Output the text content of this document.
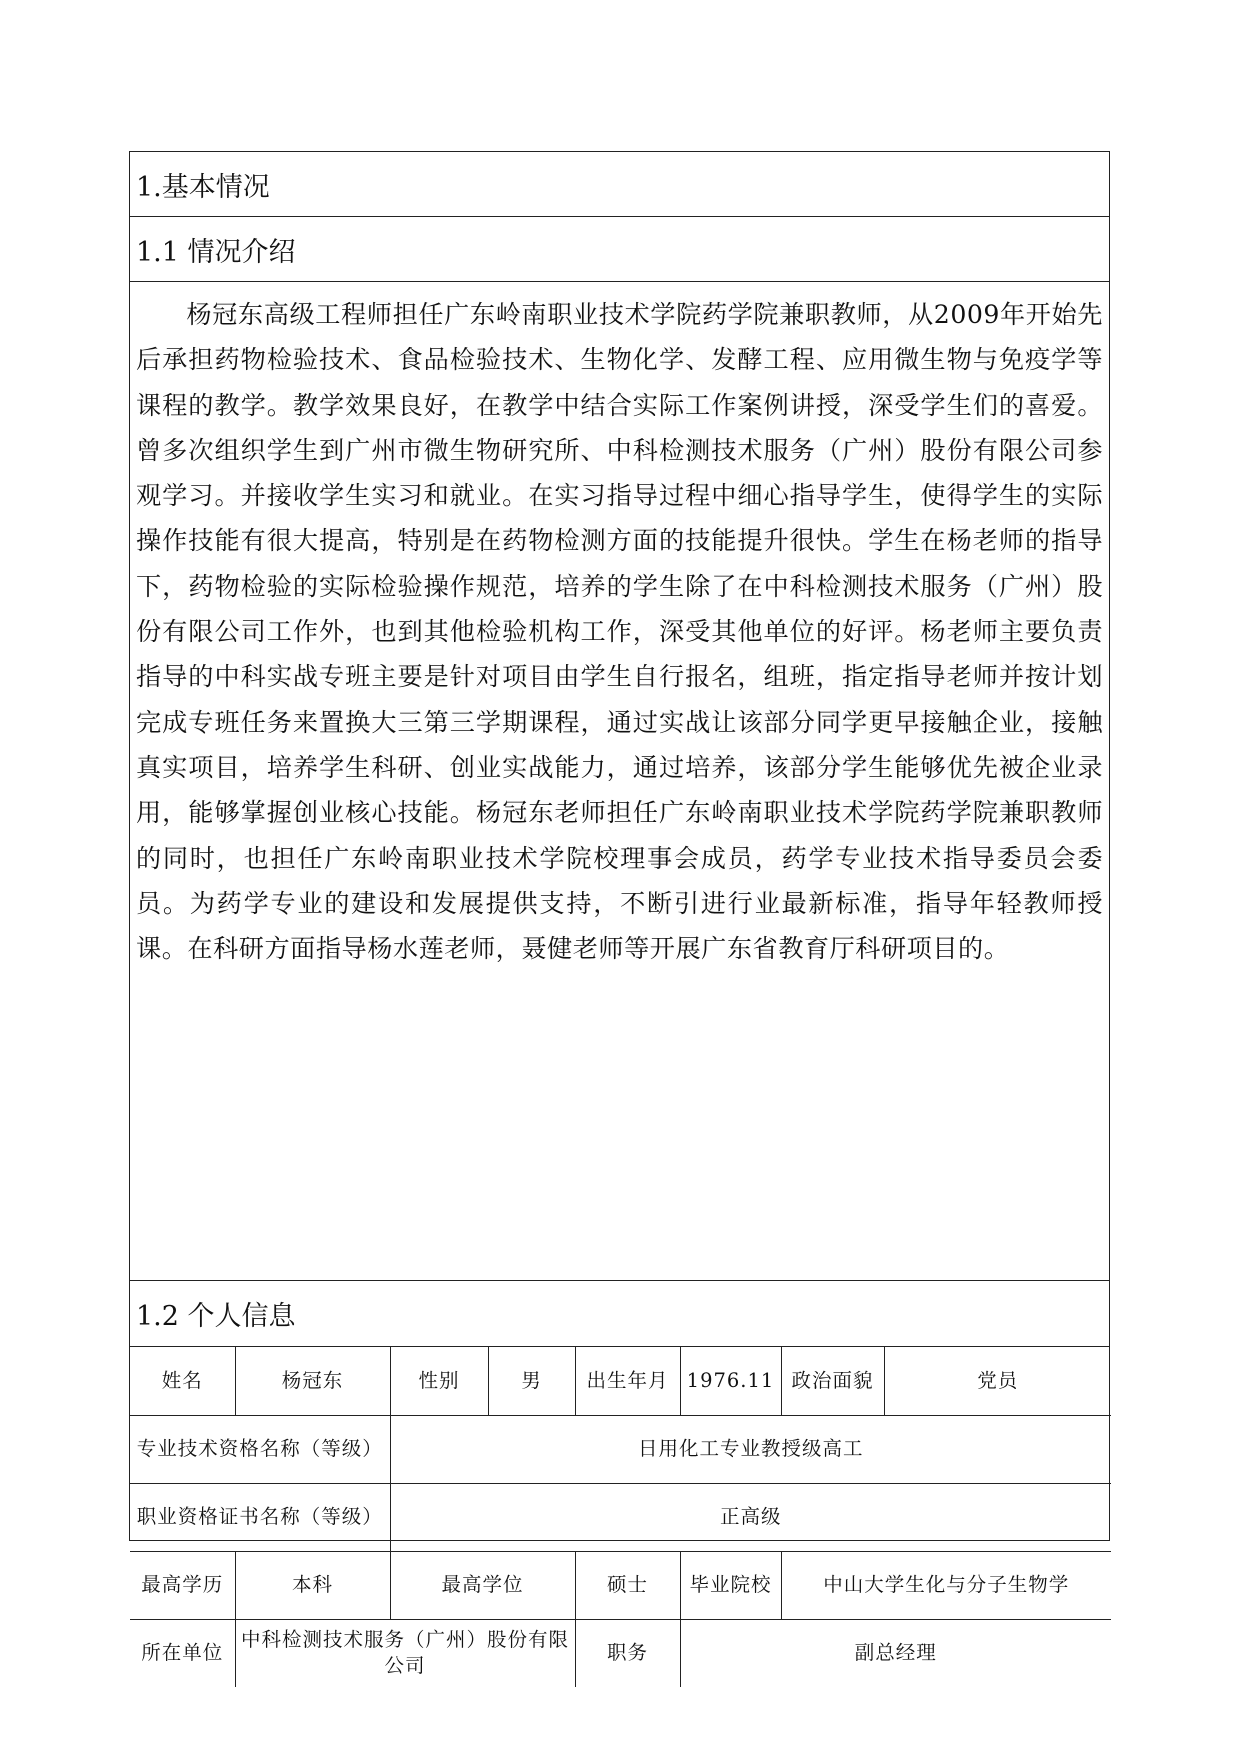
1.基本情况
1.1 情况介绍
杨冠东高级工程师担任广东岭南职业技术学院药学院兼职教师，从2009年开始先后承担药物检验技术、食品检验技术、生物化学、发酵工程、应用微生物与免疫学等课程的教学。教学效果良好，在教学中结合实际工作案例讲授，深受学生们的喜爱。曾多次组织学生到广州市微生物研究所、中科检测技术服务（广州）股份有限公司参观学习。并接收学生实习和就业。在实习指导过程中细心指导学生，使得学生的实际操作技能有很大提高，特别是在药物检测方面的技能提升很快。学生在杨老师的指导下，药物检验的实际检验操作规范，培养的学生除了在中科检测技术服务（广州）股份有限公司工作外，也到其他检验机构工作，深受其他单位的好评。杨老师主要负责指导的中科实战专班主要是针对项目由学生自行报名，组班，指定指导老师并按计划完成专班任务来置换大三第三学期课程，通过实战让该部分同学更早接触企业，接触真实项目，培养学生科研、创业实战能力，通过培养，该部分学生能够优先被企业录用，能够掌握创业核心技能。杨冠东老师担任广东岭南职业技术学院药学院兼职教师的同时，也担任广东岭南职业技术学院校理事会成员，药学专业技术指导委员会委员。为药学专业的建设和发展提供支持，不断引进行业最新标准，指导年轻教师授课。在科研方面指导杨水莲老师，聂健老师等开展广东省教育厅科研项目的。
1.2 个人信息
姓名	杨冠东	性别	男	出生年月	1976.11	政治面貌	党员
专业技术资格名称（等级）		日用化工专业教授级高工					
职业资格证书名称（等级）		正高级					
最高学历	本科	最高学位		硕士	毕业院校	中山大学生化与分子生物学	
所在单位	中科检测技术服务（广州）股份有限公司			职务	副总经理		
